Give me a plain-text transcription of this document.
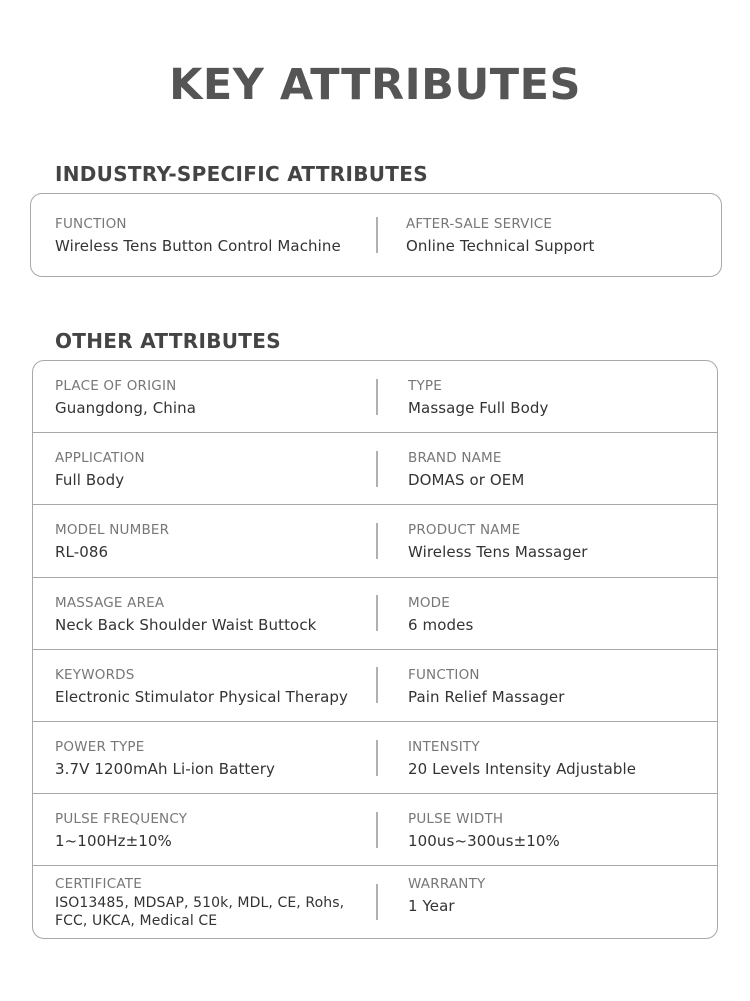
KEY ATTRIBUTES
INDUSTRY-SPECIFIC ATTRIBUTES
FUNCTION
Wireless Tens Button Control Machine
AFTER-SALE SERVICE
Online Technical Support
OTHER ATTRIBUTES
PLACE OF ORIGIN
Guangdong, China
TYPE
Massage Full Body
APPLICATION
Full Body
BRAND NAME
DOMAS or OEM
MODEL NUMBER
RL-086
PRODUCT NAME
Wireless Tens Massager
MASSAGE AREA
Neck Back Shoulder Waist Buttock
MODE
6 modes
KEYWORDS
Electronic Stimulator Physical Therapy
FUNCTION
Pain Relief Massager
POWER TYPE
3.7V 1200mAh Li-ion Battery
INTENSITY
20 Levels Intensity Adjustable
PULSE FREQUENCY
1~100Hz±10%
PULSE WIDTH
100us~300us±10%
CERTIFICATE
ISO13485, MDSAP, 510k, MDL, CE, Rohs, FCC, UKCA, Medical CE
WARRANTY
1 Year
